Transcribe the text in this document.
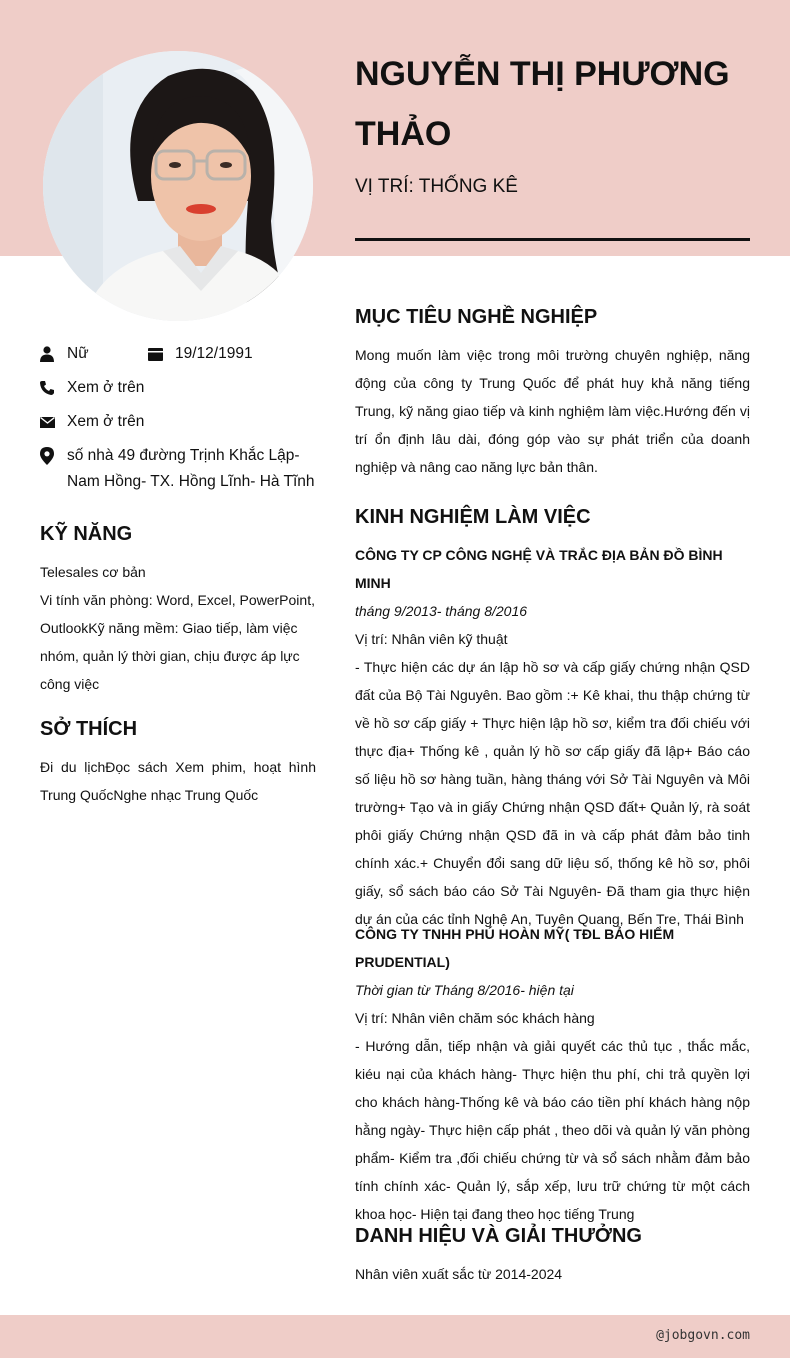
NGUYỄN THỊ PHƯƠNG THẢO
VỊ TRÍ: THỐNG KÊ
Nữ	19/12/1991
Xem ở trên
Xem ở trên
số nhà 49 đường Trịnh Khắc Lập- Nam Hồng- TX. Hồng Lĩnh- Hà Tĩnh
KỸ NĂNG
Telesales cơ bản
Vi tính văn phòng: Word, Excel, PowerPoint, OutlookKỹ năng mềm: Giao tiếp, làm việc nhóm, quản lý thời gian, chịu được áp lực công việc
SỞ THÍCH
Đi du lịchĐọc sách Xem phim, hoạt hình Trung QuốcNghe nhạc Trung Quốc
MỤC TIÊU NGHỀ NGHIỆP
Mong muốn làm việc trong môi trường chuyên nghiệp, năng động của công ty Trung Quốc để phát huy khả năng tiếng Trung, kỹ năng giao tiếp và kinh nghiệm làm việc.Hướng đến vị trí ổn định lâu dài, đóng góp vào sự phát triển của doanh nghiệp và nâng cao năng lực bản thân.
KINH NGHIỆM LÀM VIỆC
CÔNG TY CP CÔNG NGHỆ VÀ TRẮC ĐỊA BẢN ĐỒ BÌNH MINH
tháng 9/2013- tháng 8/2016
Vị trí: Nhân viên kỹ thuật
- Thực hiện các dự án lập hồ sơ và cấp giấy chứng nhận QSD đất của Bộ Tài Nguyên. Bao gồm :+ Kê khai, thu thập chứng từ về hồ sơ cấp giấy + Thực hiện lập hồ sơ, kiểm tra đối chiếu với thực địa+ Thống kê , quản lý hồ sơ cấp giấy đã lập+ Báo cáo số liệu hồ sơ hàng tuần, hàng tháng với Sở Tài Nguyên và Môi trường+ Tạo và in giấy Chứng nhận QSD đất+ Quản lý, rà soát phôi giấy Chứng nhận QSD đã in và cấp phát đảm bảo tinh chính xác.+ Chuyển đổi sang dữ liệu số, thống kê hồ sơ, phôi giấy, sổ sách báo cáo Sở Tài Nguyên- Đã tham gia thực hiện dự án của các tỉnh Nghệ An, Tuyên Quang, Bến Tre, Thái Bình
CÔNG TY TNHH PHÚ HOÀN MỸ( TĐL BẢO HIỂM PRUDENTIAL)
Thời gian từ Tháng 8/2016- hiện tại
Vị trí: Nhân viên chăm sóc khách hàng
- Hướng dẫn, tiếp nhận và giải quyết các thủ tục , thắc mắc, kiéu nại của khách hàng- Thực hiện thu phí, chi trả quyền lợi cho khách hàng-Thống kê và báo cáo tiền phí khách hàng nộp hằng ngày- Thực hiện cấp phát , theo dõi và quản lý văn phòng phẩm- Kiểm tra ,đối chiếu chứng từ và sổ sách nhằm đảm bảo tính chính xác- Quản lý, sắp xếp, lưu trữ chứng từ một cách khoa học- Hiện tại đang theo học tiếng Trung
DANH HIỆU VÀ GIẢI THƯỞNG
Nhân viên xuất sắc từ 2014-2024
@jobgovn.com
